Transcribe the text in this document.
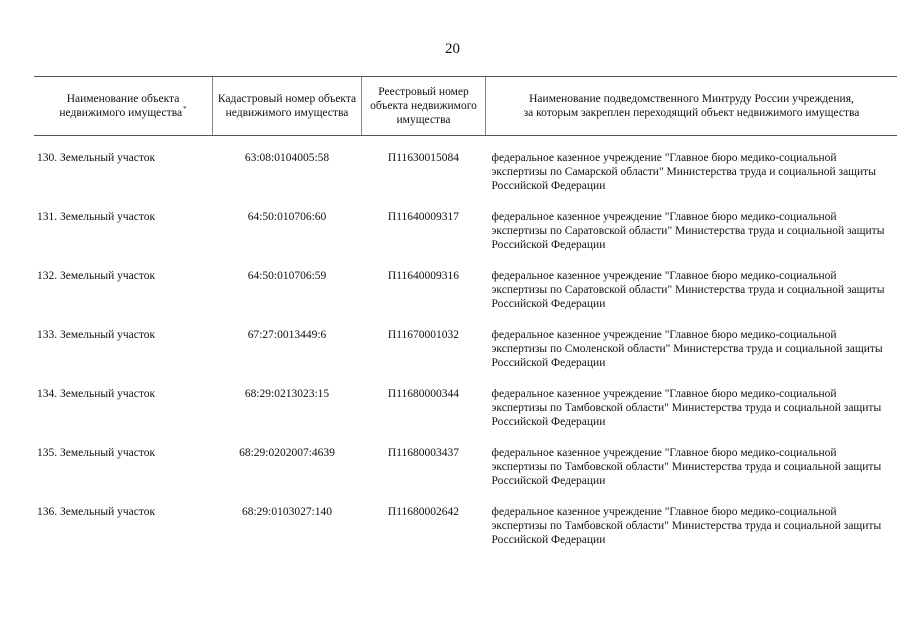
20
Наименование объекта недвижимого имущества*	Кадастровый номер объекта недвижимого имущества	Реестровый номер объекта недвижимого имущества	Наименование подведомственного Минтруду России учреждения,
за которым закреплен переходящий объект недвижимого имущества
130. Земельный участок	63:08:0104005:58	П11630015084	федеральное казенное учреждение "Главное бюро медико-социальной экспертизы по Самарской области" Министерства труда и социальной защиты Российской Федерации
131. Земельный участок	64:50:010706:60	П11640009317	федеральное казенное учреждение "Главное бюро медико-социальной экспертизы по Саратовской области" Министерства труда и социальной защиты Российской Федерации
132. Земельный участок	64:50:010706:59	П11640009316	федеральное казенное учреждение "Главное бюро медико-социальной экспертизы по Саратовской области" Министерства труда и социальной защиты Российской Федерации
133. Земельный участок	67:27:0013449:6	П11670001032	федеральное казенное учреждение "Главное бюро медико-социальной экспертизы по Смоленской области" Министерства труда и социальной защиты Российской Федерации
134. Земельный участок	68:29:0213023:15	П11680000344	федеральное казенное учреждение "Главное бюро медико-социальной экспертизы по Тамбовской области" Министерства труда и социальной защиты Российской Федерации
135. Земельный участок	68:29:0202007:4639	П11680003437	федеральное казенное учреждение "Главное бюро медико-социальной экспертизы по Тамбовской области" Министерства труда и социальной защиты Российской Федерации
136. Земельный участок	68:29:0103027:140	П11680002642	федеральное казенное учреждение "Главное бюро медико-социальной экспертизы по Тамбовской области" Министерства труда и социальной защиты Российской Федерации
